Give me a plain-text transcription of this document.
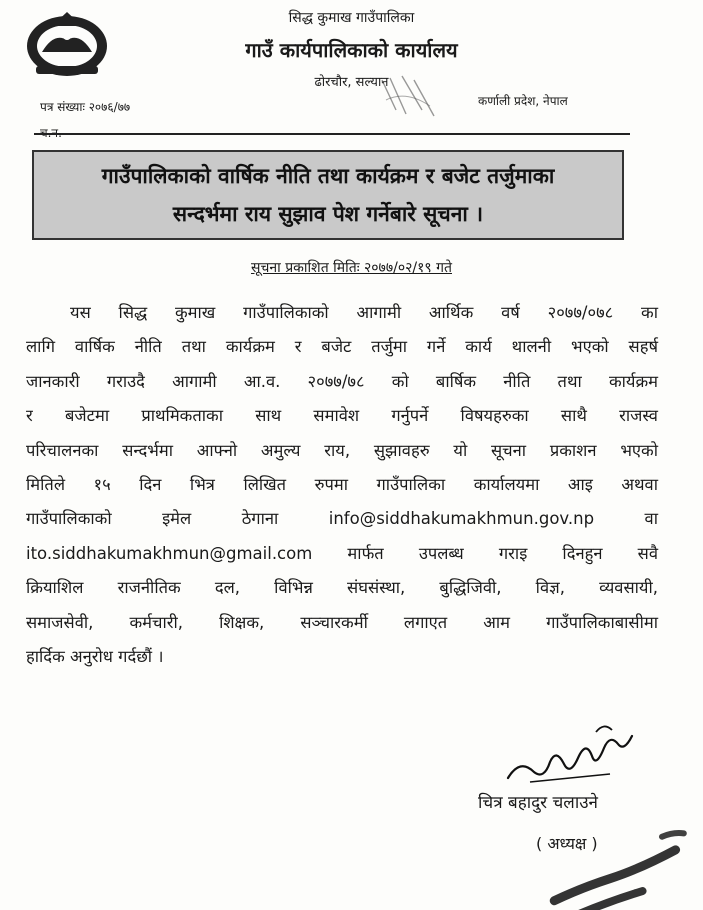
सिद्ध कुमाख गाउँपालिका
गाउँ कार्यपालिकाको कार्यालय
ढोरचौर, सल्यान
पत्र संख्याः २०७६/७७	कर्णाली प्रदेश, नेपाल
च.न.
गाउँपालिकाको वार्षिक नीति तथा कार्यक्रम र बजेट तर्जुमाका
सन्दर्भमा राय सुझाव पेश गर्नेबारे सूचना ।
सूचना प्रकाशित मितिः २०७७/०२/१९ गते
यस सिद्ध कुमाख गाउँपालिकाको आगामी आर्थिक वर्ष २०७७/०७८ का
लागि वार्षिक नीति तथा कार्यक्रम र बजेट तर्जुमा गर्ने कार्य थालनी भएको सहर्ष
जानकारी गराउदै आगामी आ.व. २०७७/७८ को बार्षिक नीति तथा कार्यक्रम
र बजेटमा प्राथमिकताका साथ समावेश गर्नुपर्ने विषयहरुका साथै राजस्व
परिचालनका सन्दर्भमा आफ्नो अमुल्य राय, सुझावहरु यो सूचना प्रकाशन भएको
मितिले १५ दिन भित्र लिखित रुपमा गाउँपालिका कार्यालयमा आइ अथवा
गाउँपालिकाको इमेल ठेगाना info@siddhakumakhmun.gov.np वा
ito.siddhakumakhmun@gmail.com मार्फत उपलब्ध गराइ दिनहुन सवै
क्रियाशिल राजनीतिक दल, विभिन्न संघसंस्था, बुद्धिजिवी, विज्ञ, व्यवसायी,
समाजसेवी, कर्मचारी, शिक्षक, सञ्चारकर्मी लगाएत आम गाउँपालिकाबासीमा
हार्दिक अनुरोध गर्दछौं ।
चित्र बहादुर चलाउने
( अध्यक्ष )
